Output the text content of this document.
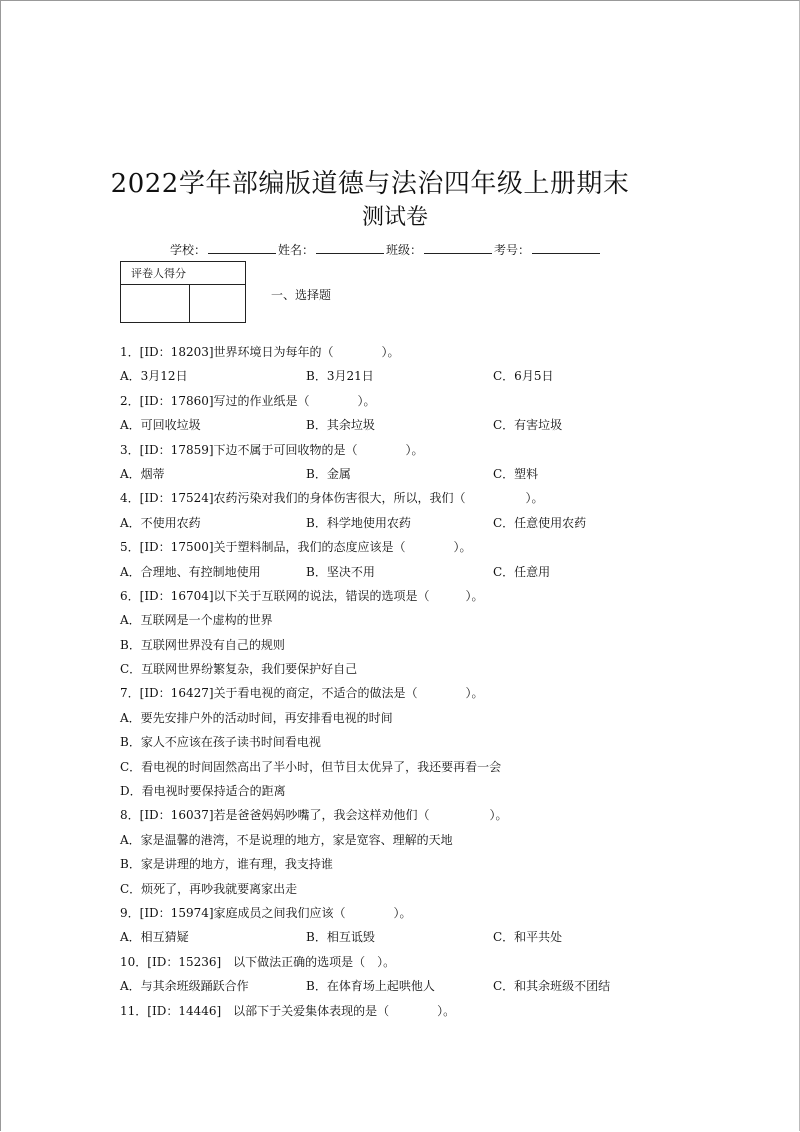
2022学年部编版道德与法治四年级上册期末
测试卷
学校：	姓名：	班级：	考号：
评卷人得分

一、选择题
1．[ID：18203]世界环境日为每年的（　　　　）。
A．3月12日	B．3月21日	C．6月5日
2．[ID：17860]写过的作业纸是（　　　　）。
A．可回收垃圾	B．其余垃圾	C．有害垃圾
3．[ID：17859]下边不属于可回收物的是（　　　　）。
A．烟蒂	B．金属	C．塑料
4．[ID：17524]农药污染对我们的身体伤害很大，所以，我们（　　　　　）。
A．不使用农药	B．科学地使用农药	C．任意使用农药
5．[ID：17500]关于塑料制品，我们的态度应该是（　　　　）。
A．合理地、有控制地使用	B．坚决不用	C．任意用
6．[ID：16704]以下关于互联网的说法，错误的选项是（　　　）。
A．互联网是一个虚构的世界
B．互联网世界没有自己的规则
C．互联网世界纷繁复杂，我们要保护好自己
7．[ID：16427]关于看电视的商定，不适合的做法是（　　　　）。
A．要先安排户外的活动时间，再安排看电视的时间
B．家人不应该在孩子读书时间看电视
C．看电视的时间固然高出了半小时，但节目太优异了，我还要再看一会
D．看电视时要保持适合的距离
8．[ID：16037]若是爸爸妈妈吵嘴了，我会这样劝他们（　　　　　）。
A．家是温馨的港湾，不是说理的地方，家是宽容、理解的天地
B．家是讲理的地方，谁有理，我支持谁
C．烦死了，再吵我就要离家出走
9．[ID：15974]家庭成员之间我们应该（　　　　）。
A．相互猜疑	B．相互诋毁	C．和平共处
10．[ID：15236]　以下做法正确的选项是（　）。
A．与其余班级踊跃合作	B．在体育场上起哄他人	C．和其余班级不团结
11．[ID：14446]　以部下于关爱集体表现的是（　　　　）。
